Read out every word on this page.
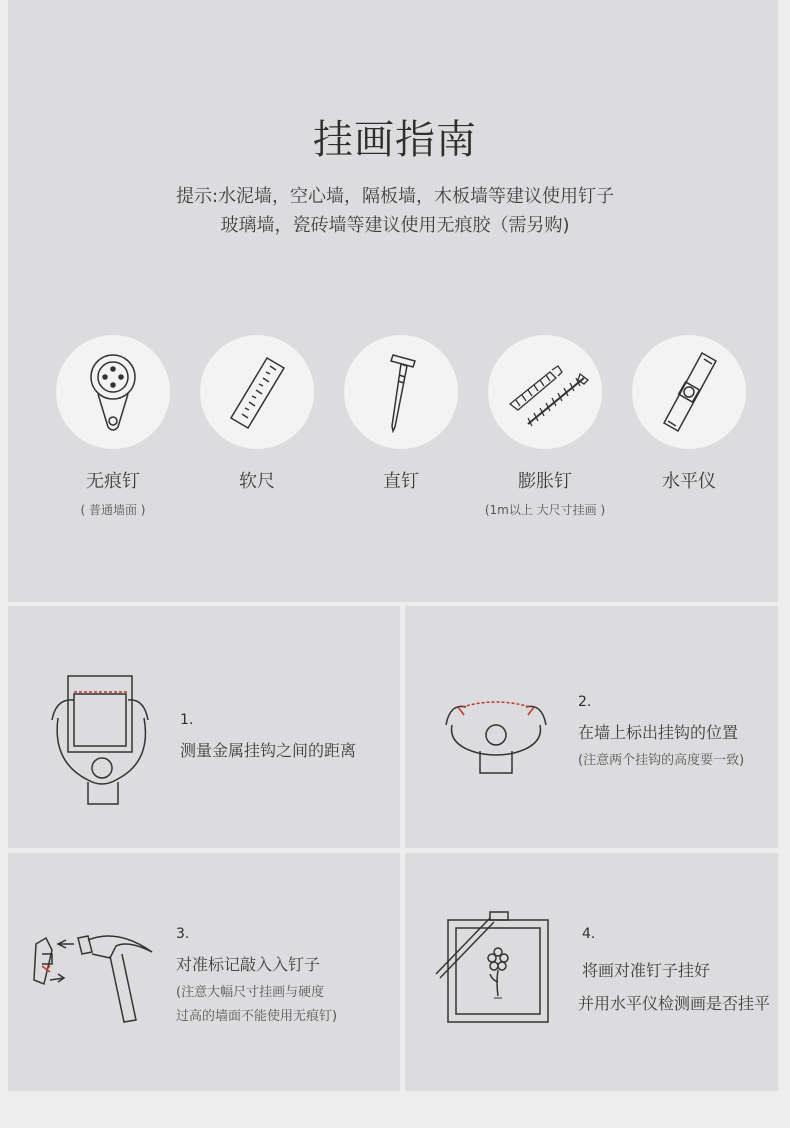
挂画指南
提示:水泥墙，空心墙，隔板墙，木板墙等建议使用钉子
玻璃墙，瓷砖墙等建议使用无痕胶（需另购)
无痕钉
( 普通墙面 )
软尺	直钉	膨胀钉
(1m以上 大尺寸挂画 )
水平仪
1.
测量金属挂钩之间的距离
2.
在墙上标出挂钩的位置
(注意两个挂钩的高度要一致)
3.
对准标记敲入入钉子
(注意大幅尺寸挂画与硬度
过高的墙面不能使用无痕钉)
4.
将画对准钉子挂好
并用水平仪检测画是否挂平
